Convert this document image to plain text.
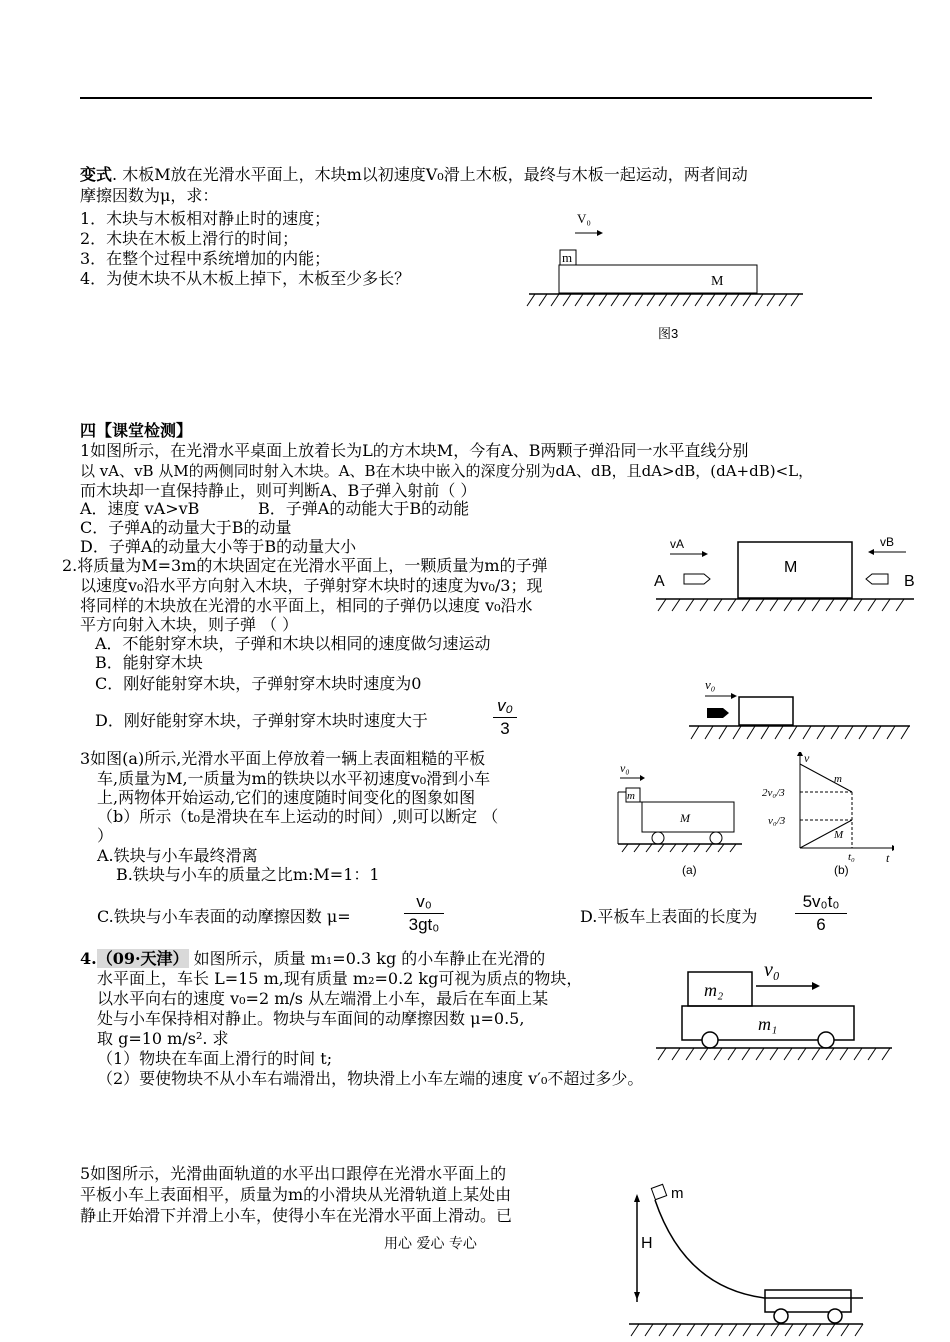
变式. 木板M放在光滑水平面上，木块m以初速度V₀滑上木板，最终与木板一起运动，两者间动
摩擦因数为μ，求：
1．木块与木板相对静止时的速度；
2．木块在木板上滑行的时间；
3．在整个过程中系统增加的内能；
4．为使木块不从木板上掉下，木板至少多长？
V₀
m
M
图3
四【课堂检测】
1如图所示，在光滑水平桌面上放着长为L的方木块M，今有A、B两颗子弹沿同一水平直线分别
以 vA、vB 从M的两侧同时射入木块。A、B在木块中嵌入的深度分别为dA、dB，且dA>dB，(dA+dB)<L，
而木块却一直保持静止，则可判断A、B子弹入射前（ ）
A．速度 vA>vB	B．子弹A的动能大于B的动能
C．子弹A的动量大于B的动量
D．子弹A的动量大小等于B的动量大小	vA	vB
M
A	B
2.将质量为M=3m的木块固定在光滑水平面上，一颗质量为m的子弹
以速度v₀沿水平方向射入木块，子弹射穿木块时的速度为v₀/3；现
将同样的木块放在光滑的水平面上，相同的子弹仍以速度 v₀沿水
平方向射入木块，则子弹 （ ）
A．不能射穿木块，子弹和木块以相同的速度做匀速运动
B．能射穿木块
C．刚好能射穿木块，子弹射穿木块时速度为0
D．刚好能射穿木块，子弹射穿木块时速度大于
v₀
3
v₀
3如图(a)所示,光滑水平面上停放着一辆上表面粗糙的平板
车,质量为M,一质量为m的铁块以水平初速度v₀滑到小车
上,两物体开始运动,它们的速度随时间变化的图象如图
（b）所示（t₀是滑块在车上运动的时间）,则可以断定 （
）
A.铁块与小车最终滑离
B.铁块与小车的质量之比m:M=1：1
C.铁块与小车表面的动摩擦因数 μ=
v₀
3gt₀	D.平板车上表面的长度为
5v₀t₀
6
v₀
m
M
(a)
v
t
m
M
2v₀/3
v₀/3
t₀
(b)
4.（09·天津） 如图所示，质量 m₁=0.3 kg 的小车静止在光滑的
水平面上，车长 L=15 m,现有质量 m₂=0.2 kg可视为质点的物块，
以水平向右的速度 v₀=2 m/s 从左端滑上小车，最后在车面上某
处与小车保持相对静止。物块与车面间的动摩擦因数 μ=0.5,
取 g=10 m/s². 求
（1）物块在车面上滑行的时间 t;
（2）要使物块不从小车右端滑出，物块滑上小车左端的速度 v′₀不超过多少。
v₀
m₂
m₁
5如图所示，光滑曲面轨道的水平出口跟停在光滑水平面上的
平板小车上表面相平，质量为m的小滑块从光滑轨道上某处由
静止开始滑下并滑上小车，使得小车在光滑水平面上滑动。已
用心 爱心 专心
m
H
